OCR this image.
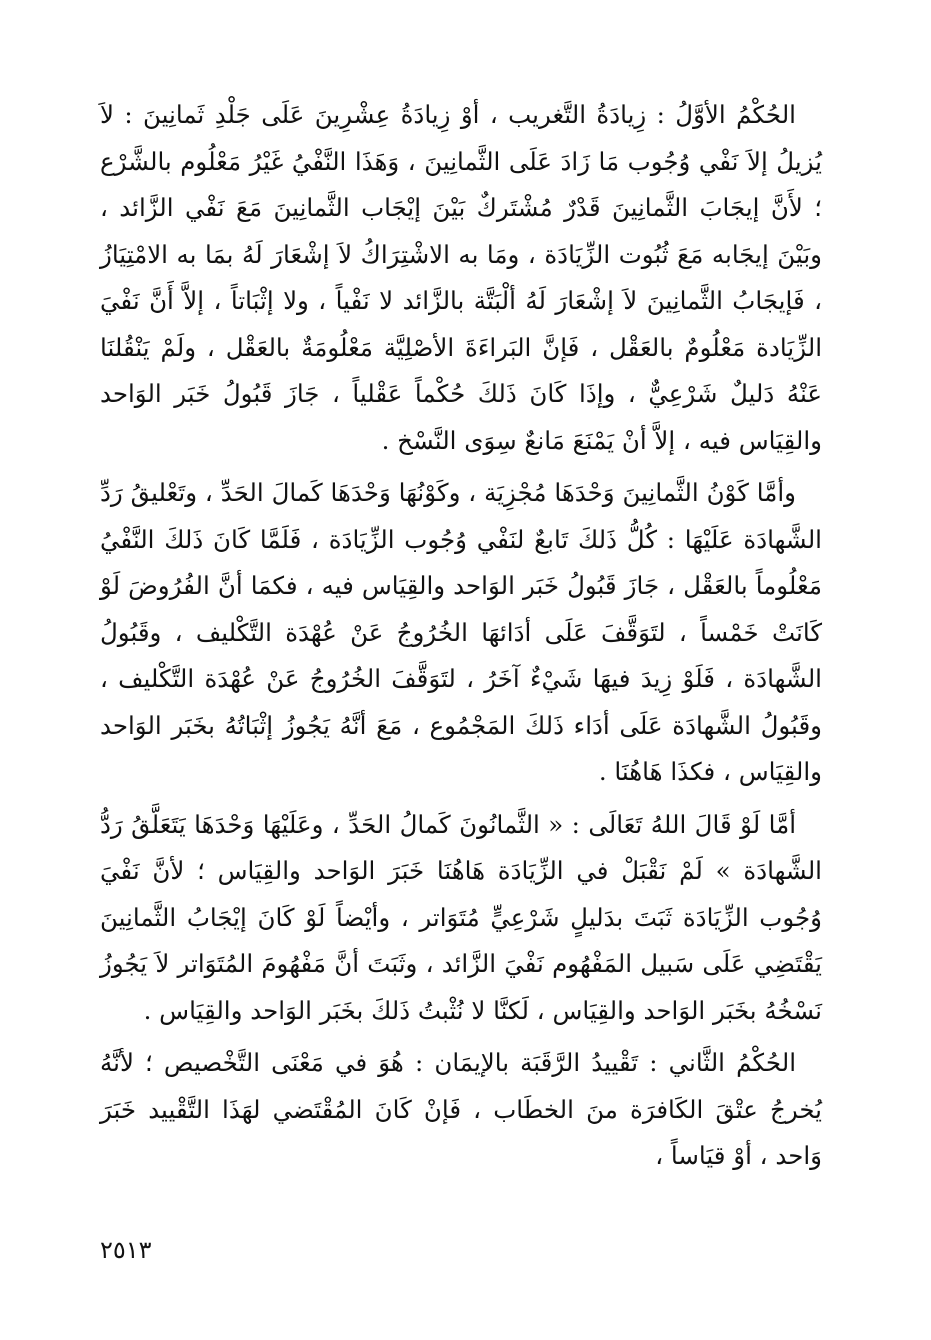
الحُكْمُ الأوَّلُ : زِيادَةُ التَّغريب ، أوْ زِيادَةُ عِشْرِينَ عَلَى جَلْدِ ثَمانِينَ : لاَ يُزيلُ إلاَ نَفْي وُجُوب مَا زَادَ عَلَى الثَّمانِينَ ، وَهَذَا النَّفْيُ غَيْرُ مَعْلُوم بالشَّرْع ؛ لأَنَّ إيجَابَ الثَّمانِينَ قَدْرٌ مُشْتَركٌ بَيْنَ إيْجَاب الثَّمانِينَ مَعَ نَفْي الزَّائد ، وبَيْنَ إيجَابه مَعَ ثُبُوت الزِّيَادَة ، ومَا به الاشْتِرَاكُ لاَ إشْعَارَ لَهُ بمَا به الامْتِيَازُ ، فَإيجَابُ الثَّمانِينَ لاَ إشْعَارَ لَهُ ألْبَتَّة بالزَّائد لا نَفْياً ، ولا إثْبَاتاً ، إلاَّ أَنَّ نَفْيَ الزِّيَادة مَعْلُومٌ بالعَقْل ، فَإنَّ البَراءَةَ الأصْلِيَّة مَعْلُومَةٌ بالعَقْل ، ولَمْ يَنْقُلنَا عَنْهُ دَليلٌ شَرْعِيٌّ ، وإذَا كَانَ ذَلكَ حُكْماً عَقْلياً ، جَازَ قَبُولُ خَبَر الوَاحد والقِيَاس فيه ، إلاَّ أنْ يَمْنَعَ مَانعٌ سِوَى النَّسْخ .

وأمَّا كَوْنُ الثَّمانِينَ وَحْدَهَا مُجْزِيَة ، وكَوْنُهَا وَحْدَهَا كَمالَ الحَدِّ ، وتَعْليقُ رَدِّ الشَّهادَة عَلَيْهَا : كُلُّ ذَلكَ تَابعٌ لنَفْي وُجُوب الزِّيَادَة ، فَلَمَّا كَانَ ذَلكَ النَّفْيُ مَعْلُوماً بالعَقْل ، جَازَ قَبُولُ خَبَر الوَاحد والقِيَاس فيه ، فكمَا أنَّ الفُرُوضَ لَوْ كَانَتْ خَمْساً ، لتَوَقَّفَ عَلَى أدَائهَا الخُرُوجُ عَنْ عُهْدَة التَّكْليف ، وقَبُولُ الشَّهادَة ، فَلَوْ زِيدَ فيهَا شَيْءٌ آخَرُ ، لتَوَقَّفَ الخُرُوجُ عَنْ عُهْدَة التَّكْليف ، وقَبُولُ الشَّهادَة عَلَى أدَاء ذَلكَ المَجْمُوع ، مَعَ أنَّهُ يَجُوزُ إثْبَاتُهُ بخَبَر الوَاحد والقِيَاس ، فكذَا هَاهُنَا .

أمَّا لَوْ قَالَ اللهُ تَعَالَى : « الثَّمانُونَ كَمالُ الحَدِّ ، وعَلَيْهَا وَحْدَهَا يَتَعَلَّقُ رَدُّ الشَّهادَة » لَمْ نَقْبَلْ في الزِّيَادَة هَاهُنَا خَبَرَ الوَاحد والقِيَاس ؛ لأنَّ نَفْيَ وُجُوب الزِّيَادَة ثَبَتَ بدَليلٍ شَرْعِيٍّ مُتَوَاتر ، وأيْضاً لَوْ كَانَ إيْجَابُ الثَّمانِينَ يَقْتَضِي عَلَى سَبيل المَفْهُوم نَفْيَ الزَّائد ، وثَبَتَ أنَّ مَفْهُومَ المُتَوَاتر لاَ يَجُوزُ نَسْخُهُ بخَبَر الوَاحد والقِيَاس ، لَكنَّا لا نُثْبتُ ذَلكَ بخَبَر الوَاحد والقِيَاس .

الحُكْمُ الثَّاني : تَقْييدُ الرَّقَبَة بالإيمَان : هُوَ في مَعْنَى التَّخْصيص ؛ لأنَّهُ يُخرجُ عتْقَ الكَافرَة منَ الخطَاب ، فَإنْ كَانَ المُقْتَضي لهَذَا التَّقْييد خَبَرَ وَاحد ، أوْ قيَاساً ،

٢٥١٣
